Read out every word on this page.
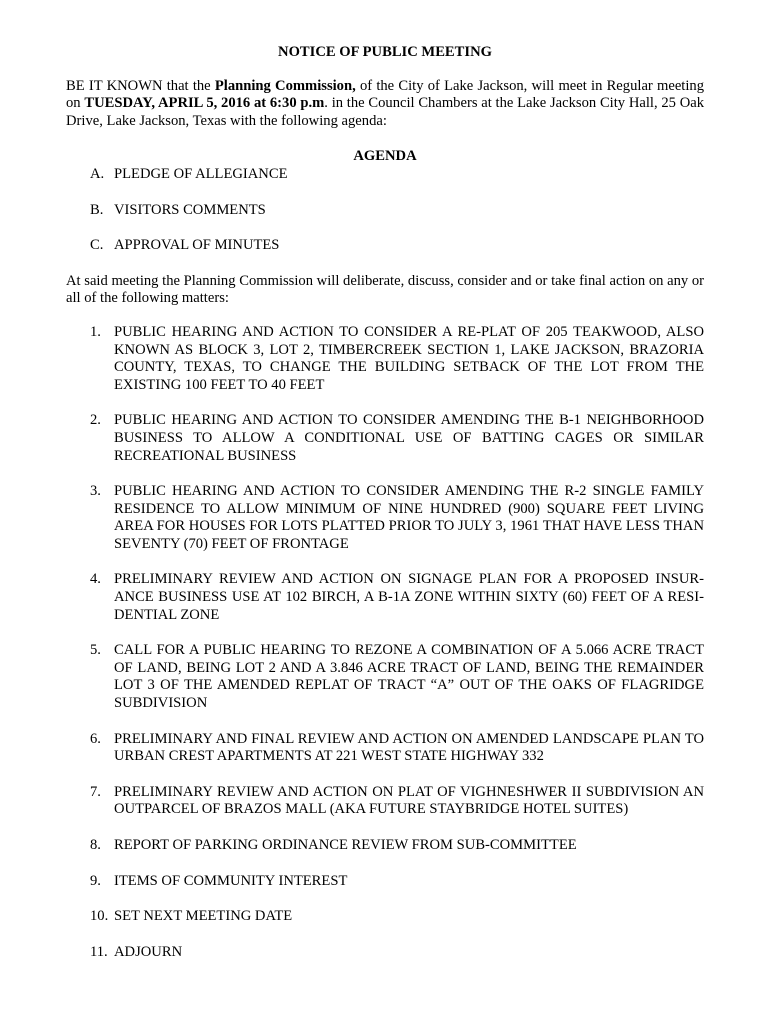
NOTICE OF PUBLIC MEETING

BE IT KNOWN that the Planning Commission, of the City of Lake Jackson, will meet in Regular meeting on TUESDAY, APRIL 5, 2016 at 6:30 p.m. in the Council Chambers at the Lake Jackson City Hall, 25 Oak Drive, Lake Jackson, Texas with the following agenda:

AGENDA
A. PLEDGE OF ALLEGIANCE
B. VISITORS COMMENTS
C. APPROVAL OF MINUTES

At said meeting the Planning Commission will deliberate, discuss, consider and or take final action on any or all of the following matters:

1. PUBLIC HEARING AND ACTION TO CONSIDER A RE-PLAT OF 205 TEAKWOOD, ALSO KNOWN AS BLOCK 3, LOT 2, TIMBERCREEK SECTION 1, LAKE JACKSON, BRAZORIA COUNTY, TEXAS, TO CHANGE THE BUILDING SETBACK OF THE LOT FROM THE EXISTING 100 FEET TO 40 FEET
2. PUBLIC HEARING AND ACTION TO CONSIDER AMENDING THE B-1 NEIGHBORHOOD BUSINESS TO ALLOW A CONDITIONAL USE OF BATTING CAGES OR SIMILAR RECREATIONAL BUSINESS
3. PUBLIC HEARING AND ACTION TO CONSIDER AMENDING THE R-2 SINGLE FAMILY RESIDENCE TO ALLOW MINIMUM OF NINE HUNDRED (900) SQUARE FEET LIVING AREA FOR HOUSES FOR LOTS PLATTED PRIOR TO JULY 3, 1961 THAT HAVE LESS THAN SEVENTY (70) FEET OF FRONTAGE
4. PRELIMINARY REVIEW AND ACTION ON SIGNAGE PLAN FOR A PROPOSED INSUR-ANCE BUSINESS USE AT 102 BIRCH, A B-1A ZONE WITHIN SIXTY (60) FEET OF A RESI-DENTIAL ZONE
5. CALL FOR A PUBLIC HEARING TO REZONE A COMBINATION OF A 5.066 ACRE TRACT OF LAND, BEING LOT 2 AND A 3.846 ACRE TRACT OF LAND, BEING THE REMAINDER LOT 3 OF THE AMENDED REPLAT OF TRACT “A” OUT OF THE OAKS OF FLAGRIDGE SUBDIVISION
6. PRELIMINARY AND FINAL REVIEW AND ACTION ON AMENDED LANDSCAPE PLAN TO URBAN CREST APARTMENTS AT 221 WEST STATE HIGHWAY 332
7. PRELIMINARY REVIEW AND ACTION ON PLAT OF VIGHNESHWER II SUBDIVISION AN OUTPARCEL OF BRAZOS MALL (AKA FUTURE STAYBRIDGE HOTEL SUITES)
8. REPORT OF PARKING ORDINANCE REVIEW FROM SUB-COMMITTEE
9. ITEMS OF COMMUNITY INTEREST
10. SET NEXT MEETING DATE
11. ADJOURN
